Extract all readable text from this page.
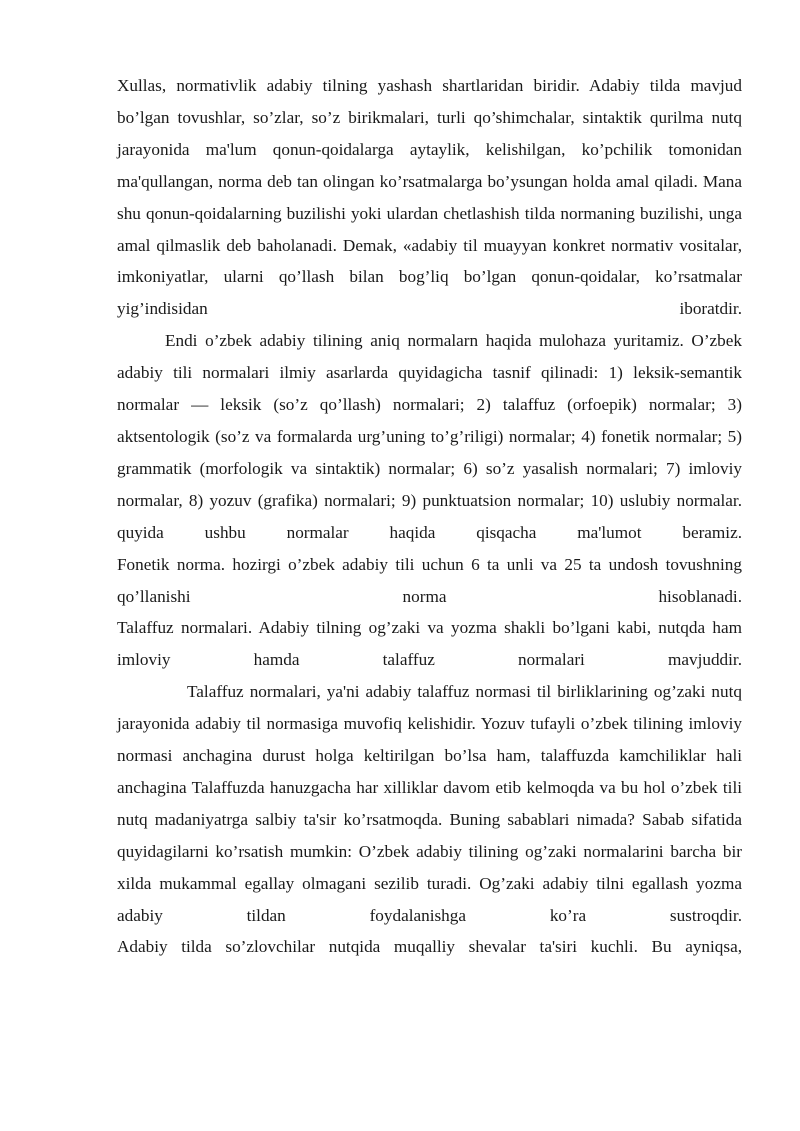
Xullas, normativlik adabiy tilning yashash shartlaridan biridir. Adabiy tilda mavjud bo’lgan tovushlar, so’zlar, so’z birikmalari, turli qo’shimchalar, sintaktik qurilma nutq jarayonida ma'lum qonun-qoidalarga aytaylik, kelishilgan, ko’pchilik tomonidan ma'qullangan, norma deb tan olingan ko’rsatmalarga bo’ysungan holda amal qiladi. Mana shu qonun-qoidalarning buzilishi yoki ulardan chetlashish tilda normaning buzilishi, unga amal qilmaslik deb baholanadi. Demak, «adabiy til muayyan konkret normativ vositalar, imkoniyatlar, ularni qo’llash bilan bog’liq bo’lgan qonun-qoidalar, ko’rsatmalar yig’indisidan iboratdir.

Endi o’zbek adabiy tilining aniq normalarn haqida mulohaza yuritamiz. O’zbek adabiy tili normalari ilmiy asarlarda quyidagicha tasnif qilinadi: 1) leksik-semantik normalar — leksik (so’z qo’llash) normalari; 2) talaffuz (orfoepik) normalar; 3) aktsentologik (so’z va formalarda urg’uning to’g’riligi) normalar; 4) fonetik normalar; 5) grammatik (morfologik va sintaktik) normalar; 6) so’z yasalish normalari; 7) imloviy normalar, 8) yozuv (grafika) normalari; 9) punktuatsion normalar; 10) uslubiy normalar.

quyida ushbu normalar haqida qisqacha ma'lumot beramiz.

Fonetik norma. hozirgi o’zbek adabiy tili uchun 6 ta unli va 25 ta undosh tovushning qo’llanishi norma hisoblanadi.

Talaffuz normalari. Adabiy tilning og’zaki va yozma shakli bo’lgani kabi, nutqda ham imloviy hamda talaffuz normalari mavjuddir.

Talaffuz normalari, ya'ni adabiy talaffuz normasi til birliklarining og’zaki nutq jarayonida adabiy til normasiga muvofiq kelishidir. Yozuv tufayli o’zbek tilining imloviy normasi anchagina durust holga keltirilgan bo’lsa ham, talaffuzda kamchiliklar hali anchagina Talaffuzda hanuzgacha har xilliklar davom etib kelmoqda va bu hol o’zbek tili nutq madaniyatrga salbiy ta'sir ko’rsatmoqda. Buning sabablari nimada? Sabab sifatida quyidagilarni ko’rsatish mumkin: O’zbek adabiy tilining og’zaki normalarini barcha bir xilda mukammal egallay olmagani sezilib turadi. Og’zaki adabiy tilni egallash yozma adabiy tildan foydalanishga ko’ra sustroqdir.

Adabiy tilda so’zlovchilar nutqida muqalliy shevalar ta'siri kuchli. Bu ayniqsa,
